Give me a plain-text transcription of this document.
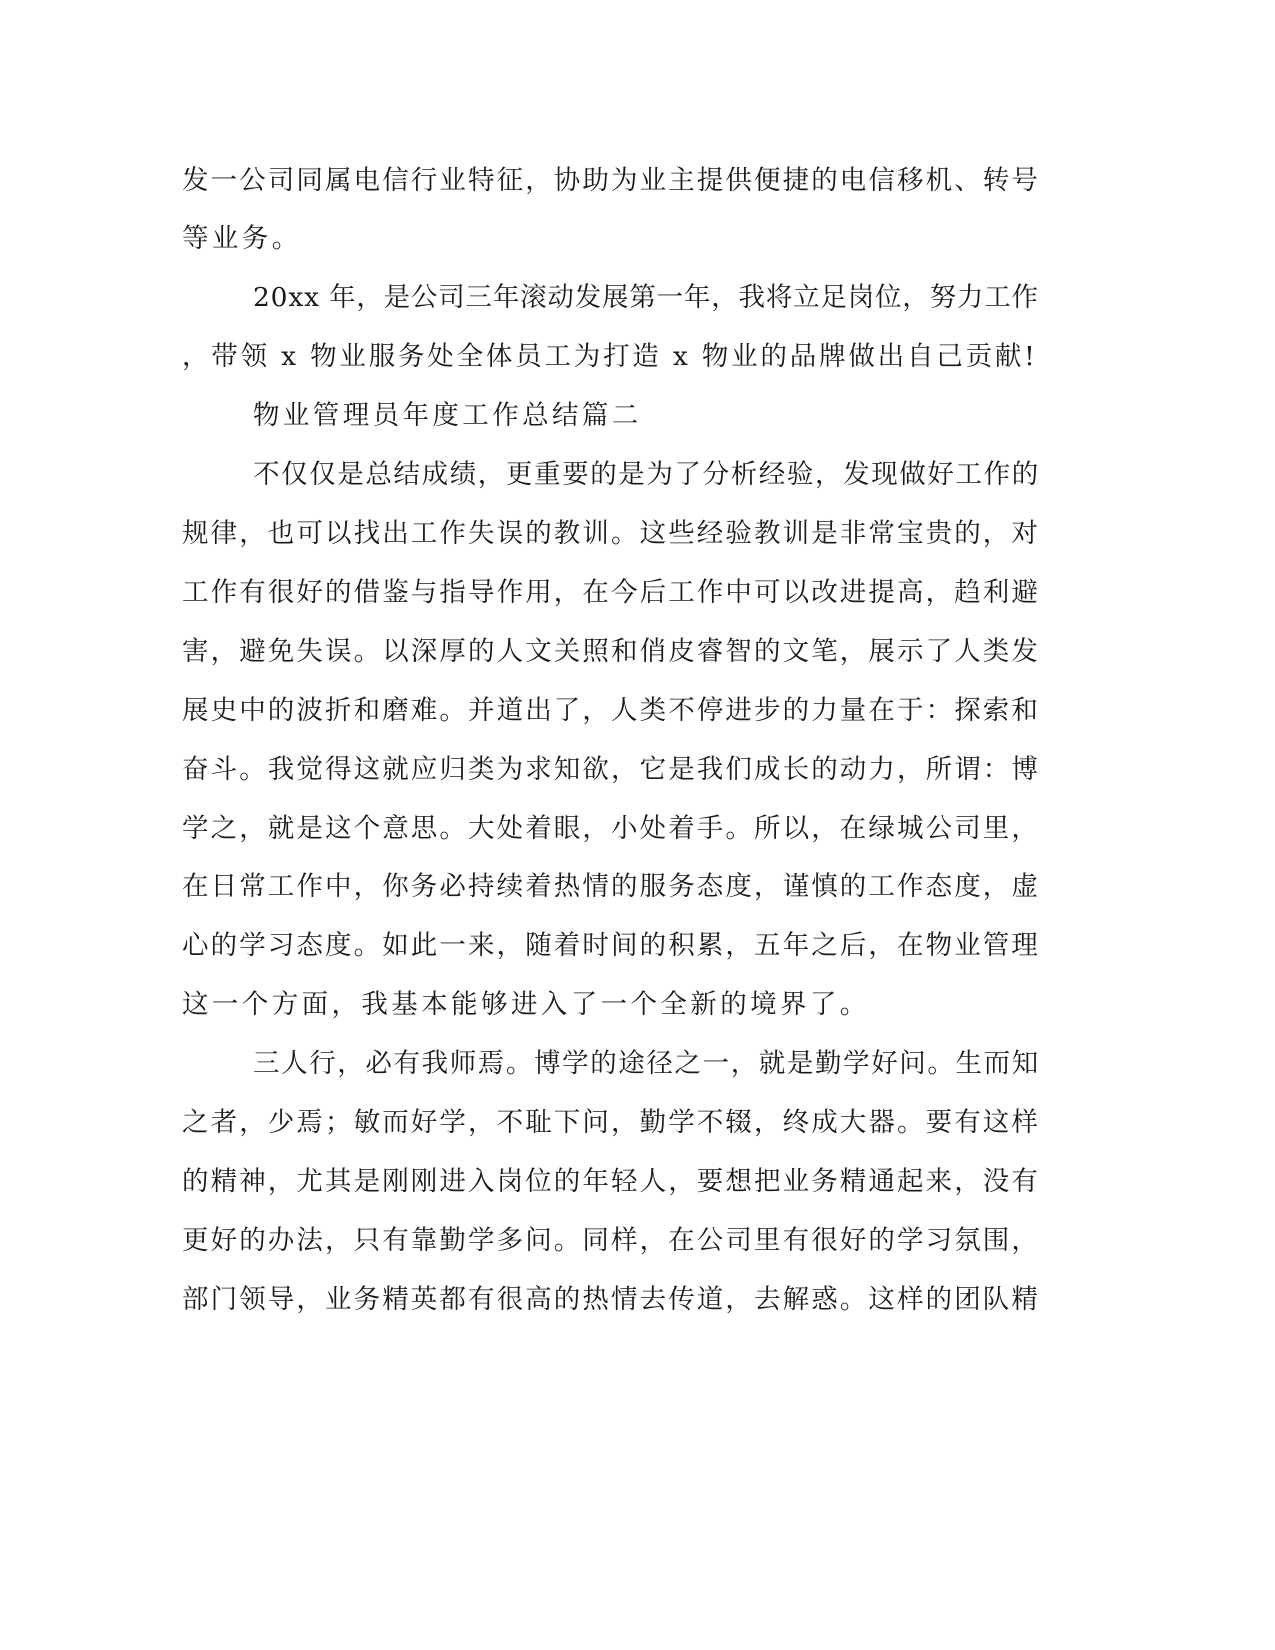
发一公司同属电信行业特征，协助为业主提供便捷的电信移机、转号

等业务。

20xx 年，是公司三年滚动发展第一年，我将立足岗位，努力工作

，带领 x 物业服务处全体员工为打造 x 物业的品牌做出自己贡献!

物业管理员年度工作总结篇二

不仅仅是总结成绩，更重要的是为了分析经验，发现做好工作的

规律，也可以找出工作失误的教训。这些经验教训是非常宝贵的，对

工作有很好的借鉴与指导作用，在今后工作中可以改进提高，趋利避

害，避免失误。以深厚的人文关照和俏皮睿智的文笔，展示了人类发

展史中的波折和磨难。并道出了，人类不停进步的力量在于：探索和

奋斗。我觉得这就应归类为求知欲，它是我们成长的动力，所谓：博

学之，就是这个意思。大处着眼，小处着手。所以，在绿城公司里，

在日常工作中，你务必持续着热情的服务态度，谨慎的工作态度，虚

心的学习态度。如此一来，随着时间的积累，五年之后，在物业管理

这一个方面，我基本能够进入了一个全新的境界了。

三人行，必有我师焉。博学的途径之一，就是勤学好问。生而知

之者，少焉；敏而好学，不耻下问，勤学不辍，终成大器。要有这样

的精神，尤其是刚刚进入岗位的年轻人，要想把业务精通起来，没有

更好的办法，只有靠勤学多问。同样，在公司里有很好的学习氛围，

部门领导，业务精英都有很高的热情去传道，去解惑。这样的团队精
